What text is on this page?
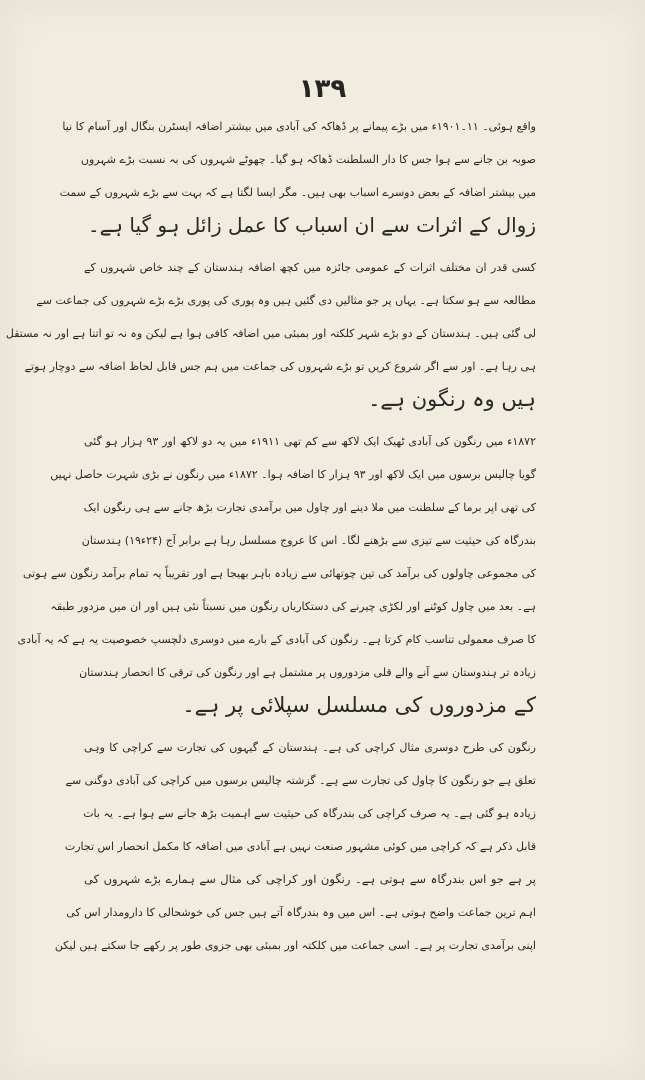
۱۳۹
واقع ہوئی۔ ۱۱۔۱۹۰۱ء میں بڑے پیمانے پر ڈھاکہ کی آبادی میں بیشتر اضافہ ایسٹرن بنگال اور آسام کا نیا
صوبہ بن جانے سے ہوا جس کا دار السلطنت ڈھاکہ ہو گیا۔ چھوٹے شہروں کی بہ نسبت بڑے شہروں
میں بیشتر اضافہ کے بعض دوسرے اسباب بھی ہیں۔ مگر ایسا لگتا ہے کہ بہت سے بڑے شہروں کے سمت
زوال کے اثرات سے ان اسباب کا عمل زائل ہو گیا ہے۔
کسی قدر ان مختلف اثرات کے عمومی جائزہ میں کچھ اضافہ ہندستان کے چند خاص شہروں کے
مطالعہ سے ہو سکتا ہے۔ یہاں پر جو مثالیں دی گئیں ہیں وہ پوری کی پوری بڑے بڑے شہروں کی جماعت سے
لی گئی ہیں۔ ہندستان کے دو بڑے شہر کلکتہ اور بمبئی میں اضافہ کافی ہوا ہے لیکن وہ نہ تو اتنا ہے اور نہ مستقل
ہی رہا ہے۔ اور سے اگر شروع کریں تو بڑے شہروں کی جماعت میں ہم جس قابل لحاظ اضافہ سے دوچار ہوتے
ہیں وہ رنگون ہے۔
۱۸۷۲ء میں رنگون کی آبادی ٹھیک ایک لاکھ سے کم تھی ۱۹۱۱ء میں یہ دو لاکھ اور ۹۳ ہزار ہو گئی
گویا چالیس برسوں میں ایک لاکھ اور ۹۳ ہزار کا اضافہ ہوا۔ ۱۸۷۲ء میں رنگون نے بڑی شہرت حاصل نہیں
کی تھی اپر برما کے سلطنت میں ملا دینے اور چاول میں برآمدی تجارت بڑھ جانے سے ہی رنگون ایک
بندرگاہ کی حیثیت سے تیزی سے بڑھنے لگا۔ اس کا عروج مسلسل رہا ہے برابر آج (۲۴ء۱۹) ہندستان
کی مجموعی چاولوں کی برآمد کی تین چوتھائی سے زیادہ باہر بھیجا ہے اور تقریباً یہ تمام برآمد رنگون سے ہوتی
ہے۔ بعد میں چاول کوٹنے اور لکڑی چیرنے کی دستکاریاں رنگون میں نسبتاً نئی ہیں اور ان میں مزدور طبقہ
کا صرف معمولی تناسب کام کرتا ہے۔ رنگون کی آبادی کے بارے میں دوسری دلچسپ خصوصیت یہ ہے کہ یہ آبادی
زیادہ تر ہندوستان سے آنے والے قلی مزدوروں پر مشتمل ہے اور رنگون کی ترقی کا انحصار ہندستان
کے مزدوروں کی مسلسل سپلائی پر ہے۔
رنگون کی طرح دوسری مثال کراچی کی ہے۔ ہندستان کے گیہوں کی تجارت سے کراچی کا وہی
تعلق ہے جو رنگون کا چاول کی تجارت سے ہے۔ گزشتہ چالیس برسوں میں کراچی کی آبادی دوگنی سے
زیادہ ہو گئی ہے۔ یہ صرف کراچی کی بندرگاہ کی حیثیت سے اہمیت بڑھ جانے سے ہوا ہے۔ یہ بات
قابل ذکر ہے کہ کراچی میں کوئی مشہور صنعت نہیں ہے آبادی میں اضافہ کا مکمل انحصار اس تجارت
پر ہے جو اس بندرگاہ سے ہوتی ہے۔ رنگون اور کراچی کی مثال سے ہمارے بڑے شہروں کی
اہم ترین جماعت واضح ہوتی ہے۔ اس میں وہ بندرگاہ آتے ہیں جس کی خوشحالی کا دارومدار اس کی
اپنی برآمدی تجارت پر ہے۔ اسی جماعت میں کلکتہ اور بمبئی بھی جزوی طور پر رکھے جا سکتے ہیں لیکن
